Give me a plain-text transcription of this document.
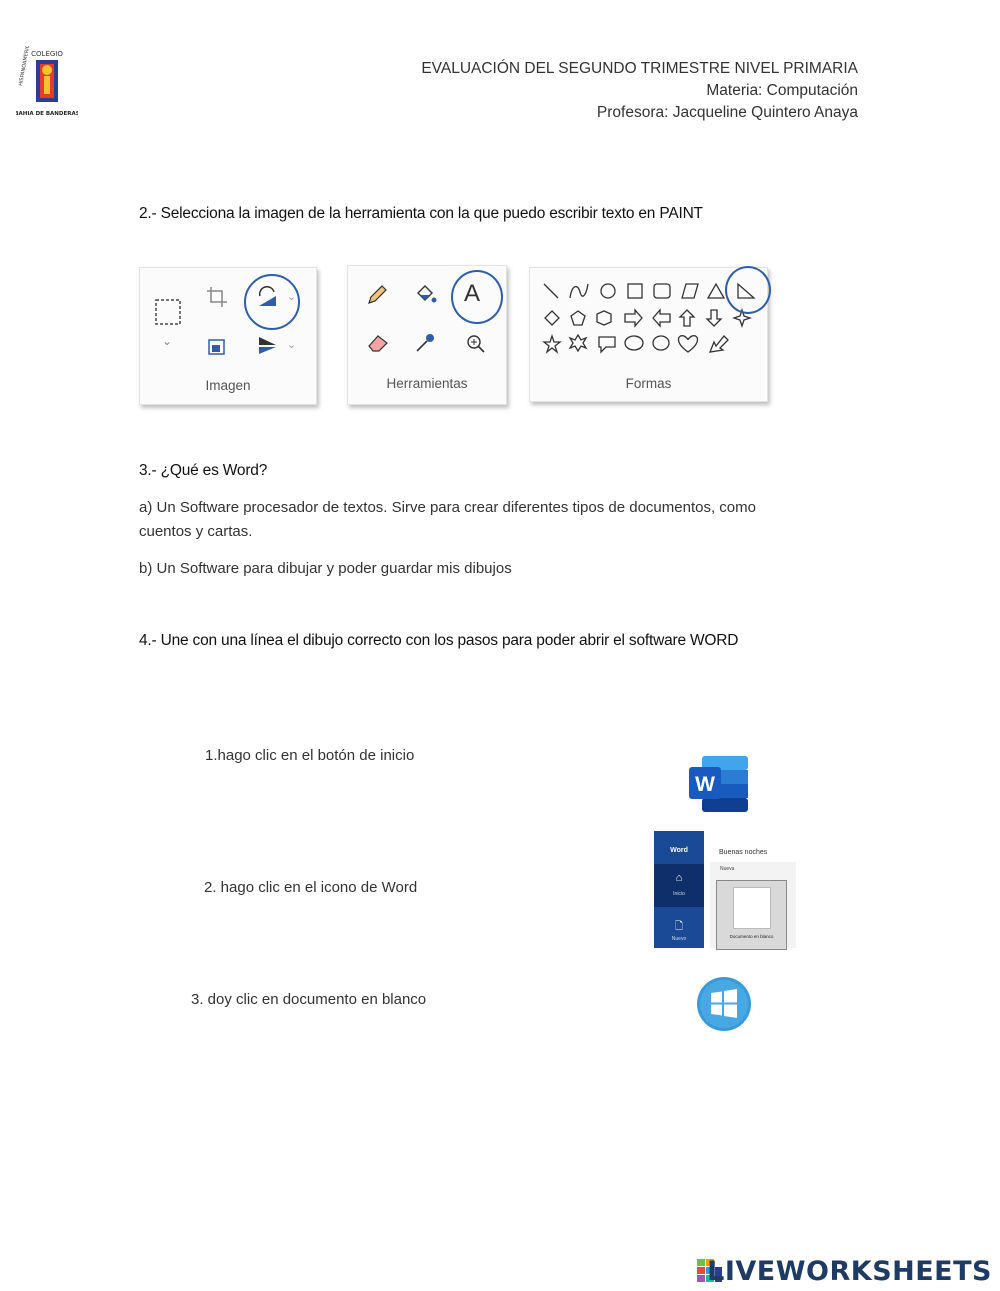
COLEGIO
HISPANOAMERICANO
BAHIA DE BANDERAS
EVALUACIÓN DEL SEGUNDO TRIMESTRE NIVEL PRIMARIA
Materia: Computación
Profesora: Jacqueline Quintero Anaya
2.- Selecciona la imagen de la herramienta con la que puedo escribir texto en PAINT
⌄
⌄
⌄
Imagen
A
Herramientas	Formas
3.- ¿Qué es Word?
a) Un Software procesador de textos. Sirve para crear diferentes tipos de documentos, como
cuentos y cartas.
b) Un Software para dibujar y poder guardar mis dibujos
4.- Une con una línea el dibujo correcto con los pasos para poder abrir el software WORD
1.hago clic en el botón de inicio
2. hago clic en el icono de Word
3. doy clic en documento en blanco
W
Word
⌂
Inicio
🗋
Nuevo
Buenas noches
Nueva
Documento en blanco
LIVEWORKSHEETS
